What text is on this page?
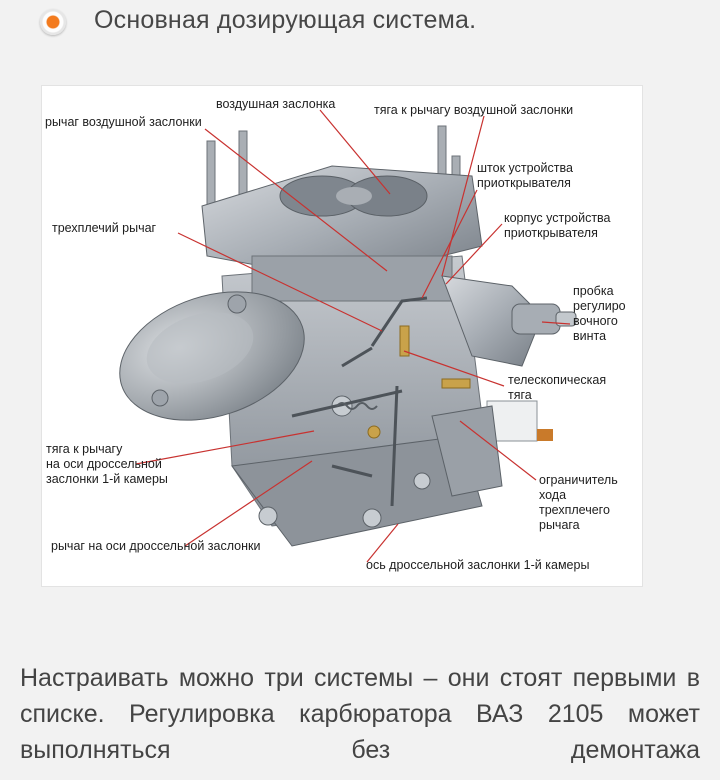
Основная дозирующая система.
воздушная заслонка
рычаг воздушной заслонки
тяга к рычагу воздушной заслонки
шток устройства
приоткрывателя
трехплечий рычаг
корпус устройства
приоткрывателя
пробка
регулиро
вочного
винта
телескопическая
тяга
тяга к рычагу
на оси дроссельной
заслонки 1-й камеры	ограничитель
хода
трехплечего
рычага
рычаг на оси дроссельной заслонки
ось дроссельной заслонки 1-й камеры
Настраивать можно три системы – они стоят первыми в списке. Регулировка карбюратора ВАЗ 2105 может выполняться без демонтажа
